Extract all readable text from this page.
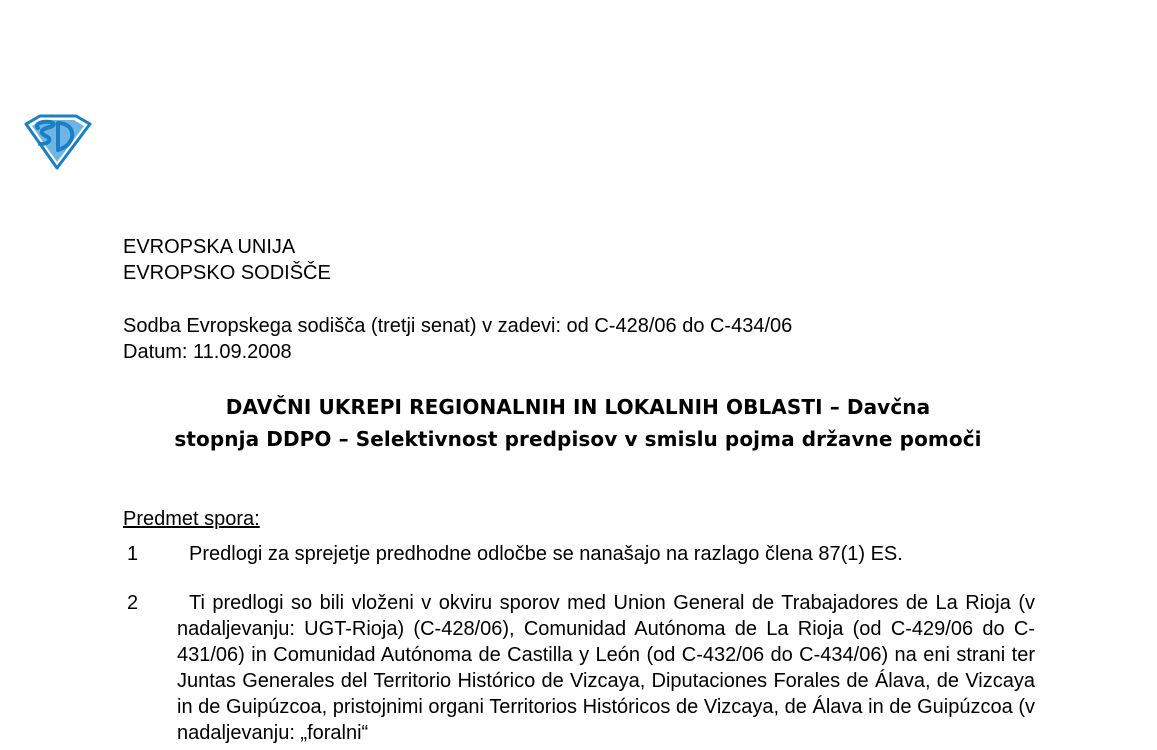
SD
EVROPSKA UNIJA
EVROPSKO SODIŠČE
Sodba Evropskega sodišča (tretji senat) v zadevi: od C-428/06 do C-434/06
Datum: 11.09.2008
DAVČNI UKREPI REGIONALNIH IN LOKALNIH OBLASTI – Davčna
stopnja DDPO – Selektivnost predpisov v smislu pojma državne pomoči
Predmet spora:
1	Predlogi za sprejetje predhodne odločbe se nanašajo na razlago člena 87(1) ES.
2	Ti predlogi so bili vloženi v okviru sporov med Union General de Trabajadores de La Rioja (v nadaljevanju: UGT-Rioja) (C-428/06), Comunidad Autónoma de La Rioja (od C-429/06 do C-431/06) in Comunidad Autónoma de Castilla y León (od C-432/06 do C-434/06) na eni strani ter Juntas Generales del Territorio Histórico de Vizcaya, Diputaciones Forales de Álava, de Vizcaya in de Guipúzcoa, pristojnimi organi Territorios Históricos de Vizcaya, de Álava in de Guipúzcoa (v nadaljevanju: „foralni“
